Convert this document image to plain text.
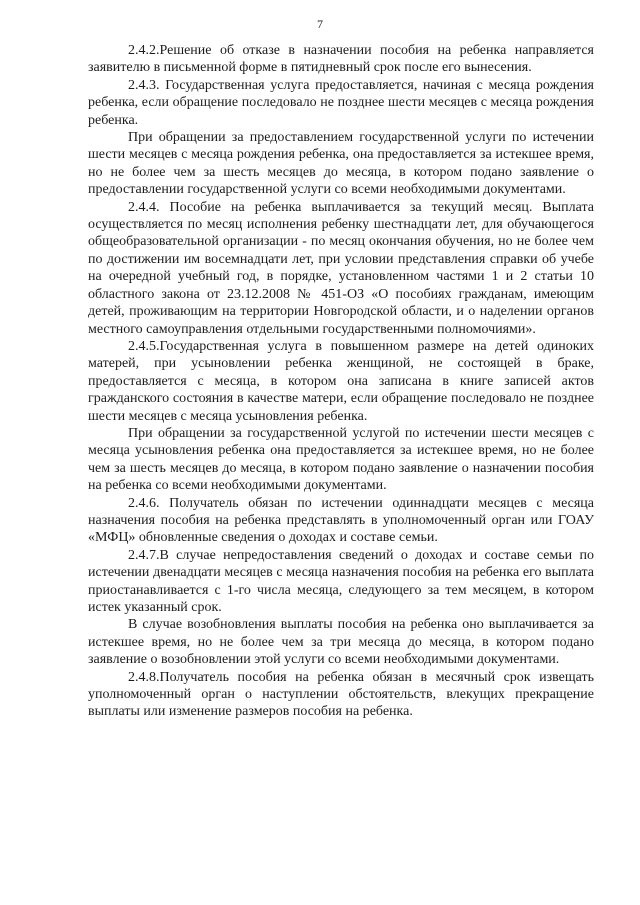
7

2.4.2.Решение об отказе в назначении пособия на ребенка направляется заявителю в письменной форме в пятидневный срок после его вынесения.

2.4.3. Государственная услуга предоставляется, начиная с месяца рождения ребенка, если обращение последовало не позднее шести месяцев с месяца рождения ребенка.

При обращении за предоставлением государственной услуги по истечении шести месяцев с месяца рождения ребенка, она предоставляется за истекшее время, но не более чем за шесть месяцев до месяца, в котором подано заявление о предоставлении государственной услуги со всеми необходимыми документами.

2.4.4. Пособие на ребенка выплачивается за текущий месяц. Выплата осуществляется по месяц исполнения ребенку шестнадцати лет, для обучающегося общеобразовательной организации - по месяц окончания обучения, но не более чем по достижении им восемнадцати лет, при условии представления справки об учебе на очередной учебный год, в порядке, установленном частями 1 и 2 статьи 10 областного закона от 23.12.2008 № 451-ОЗ «О пособиях гражданам, имеющим детей, проживающим на территории Новгородской области, и о наделении органов местного самоуправления отдельными государственными полномочиями».

2.4.5.Государственная услуга в повышенном размере на детей одиноких матерей, при усыновлении ребенка женщиной, не состоящей в браке, предоставляется с месяца, в котором она записана в книге записей актов гражданского состояния в качестве матери, если обращение последовало не позднее шести месяцев с месяца усыновления ребенка.

При обращении за государственной услугой по истечении шести месяцев с месяца усыновления ребенка она предоставляется за истекшее время, но не более чем за шесть месяцев до месяца, в котором подано заявление о назначении пособия на ребенка со всеми необходимыми документами.

2.4.6. Получатель обязан по истечении одиннадцати месяцев с месяца назначения пособия на ребенка представлять в уполномоченный орган или ГОАУ «МФЦ» обновленные сведения о доходах и составе семьи.

2.4.7.В случае непредоставления сведений о доходах и составе семьи по истечении двенадцати месяцев с месяца назначения пособия на ребенка его выплата приостанавливается с 1-го числа месяца, следующего за тем месяцем, в котором истек указанный срок.

В случае возобновления выплаты пособия на ребенка оно выплачивается за истекшее время, но не более чем за три месяца до месяца, в котором подано заявление о возобновлении этой услуги со всеми необходимыми документами.

2.4.8.Получатель пособия на ребенка обязан в месячный срок извещать уполномоченный орган о наступлении обстоятельств, влекущих прекращение выплаты или изменение размеров пособия на ребенка.
